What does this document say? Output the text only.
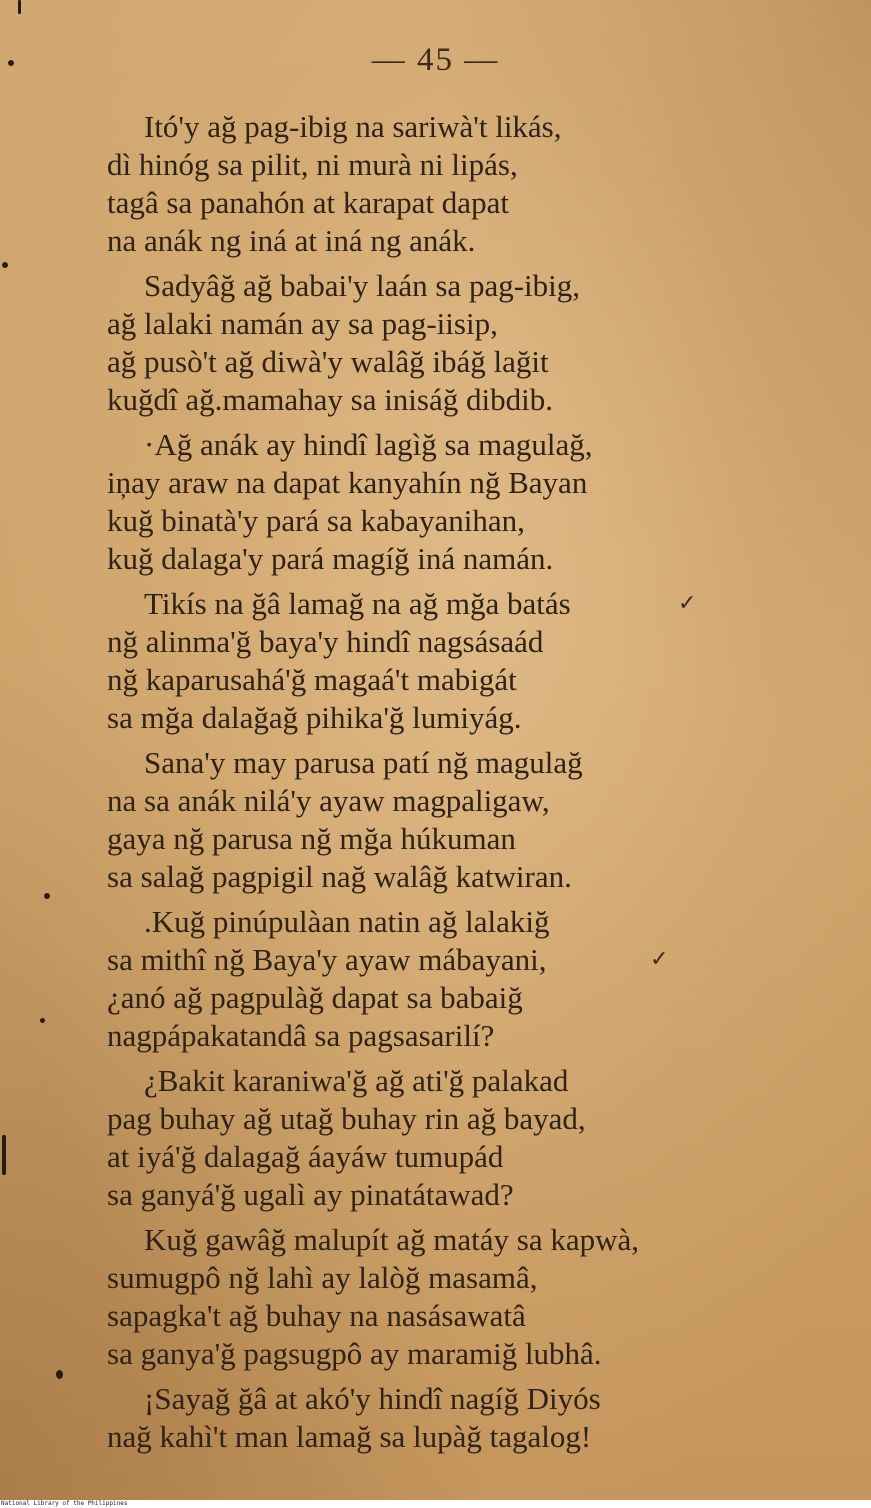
— 45 —
Itó'y ağ pag-ibig na sariwà't likás,
dì hinóg sa pilit, ni murà ni lipás,
tagâ sa panahón at karapat dapat
na anák ng iná at iná ng anák.
Sadyâğ ağ babai'y laán sa pag-ibig,
ağ lalaki namán ay sa pag-iisip,
ağ pusò't ağ diwà'y walâğ ibáğ lağit
kuğdî ağ.mamahay sa inisáğ dibdib.
·Ağ anák ay hindî lagìğ sa magulağ,
iņay araw na dapat kanyahín nğ Bayan
kuğ binatà'y pará sa kabayanihan,
kuğ dalaga'y pará magíğ iná namán.
Tikís na ğâ lamağ na ağ mğa batás	✓
nğ alinma'ğ baya'y hindî nagsásaád
nğ kaparusahá'ğ magaá't mabigát
sa mğa dalağağ pihika'ğ lumiyág.
Sana'y may parusa patí nğ magulağ
na sa anák nilá'y ayaw magpaligaw,
gaya nğ parusa nğ mğa húkuman
sa salağ pagpigil nağ walâğ katwiran.
.Kuğ pinúpulàan natin ağ lalakiğ
sa mithî nğ Baya'y ayaw mábayani,	✓
¿anó ağ pagpulàğ dapat sa babaiğ
nagpápakatandâ sa pagsasarilí?
¿Bakit karaniwa'ğ ağ ati'ğ palakad
pag buhay ağ utağ buhay rin ağ bayad,
at iyá'ğ dalagağ áayáw tumupád
sa ganyá'ğ ugalì ay pinatátawad?
Kuğ gawâğ malupít ağ matáy sa kapwà,
sumugpô nğ lahì ay lalòğ masamâ,
sapagka't ağ buhay na nasásawatâ
sa ganya'ğ pagsugpô ay maramiğ lubhâ.
¡Sayağ ğâ at akó'y hindî nagíğ Diyós
nağ kahì't man lamağ sa lupàğ tagalog!
National Library of the Philippines
